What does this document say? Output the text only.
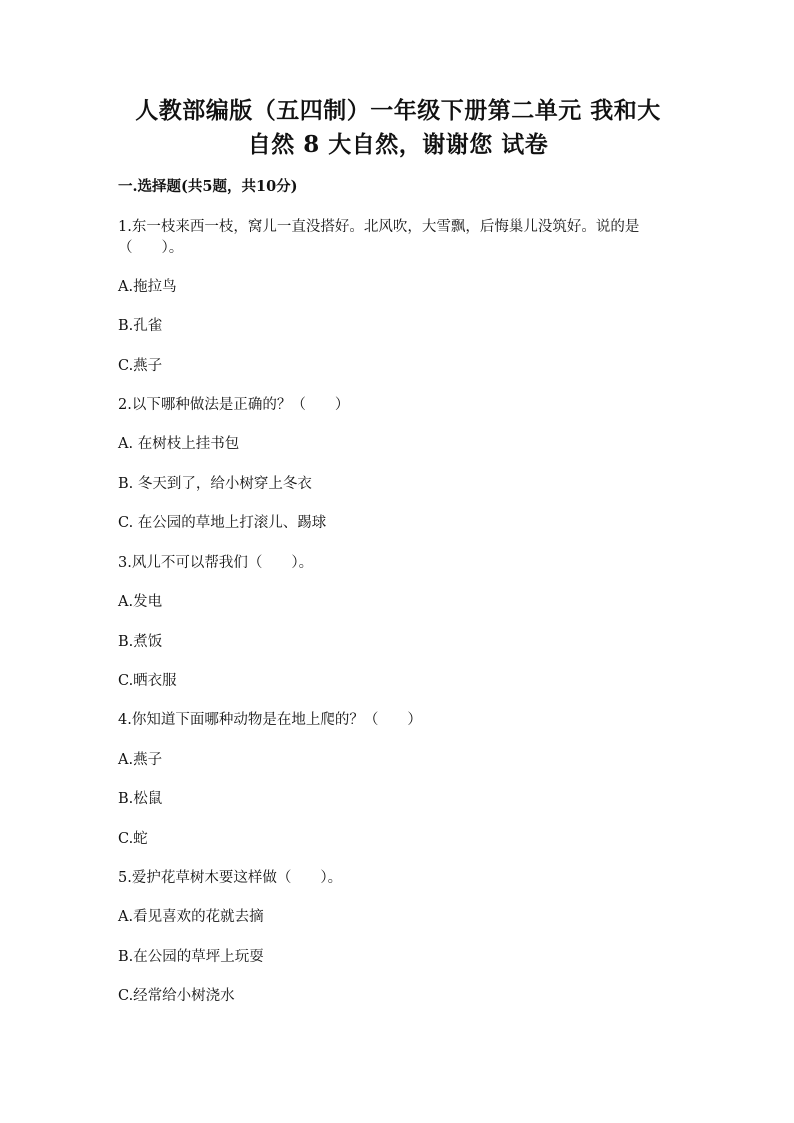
人教部编版（五四制）一年级下册第二单元 我和大
自然 8 大自然，谢谢您 试卷
一.选择题(共5题，共10分)
1.东一枝来西一枝，窝儿一直没搭好。北风吹，大雪飘，后悔巢儿没筑好。说的是（　　）。
A.拖拉鸟
B.孔雀
C.燕子
2.以下哪种做法是正确的？（　　）
A. 在树枝上挂书包
B. 冬天到了，给小树穿上冬衣
C. 在公园的草地上打滚儿、踢球
3.风儿不可以帮我们（　　）。
A.发电
B.煮饭
C.晒衣服
4.你知道下面哪种动物是在地上爬的？（　　）
A.燕子
B.松鼠
C.蛇
5.爱护花草树木要这样做（　　）。
A.看见喜欢的花就去摘
B.在公园的草坪上玩耍
C.经常给小树浇水
